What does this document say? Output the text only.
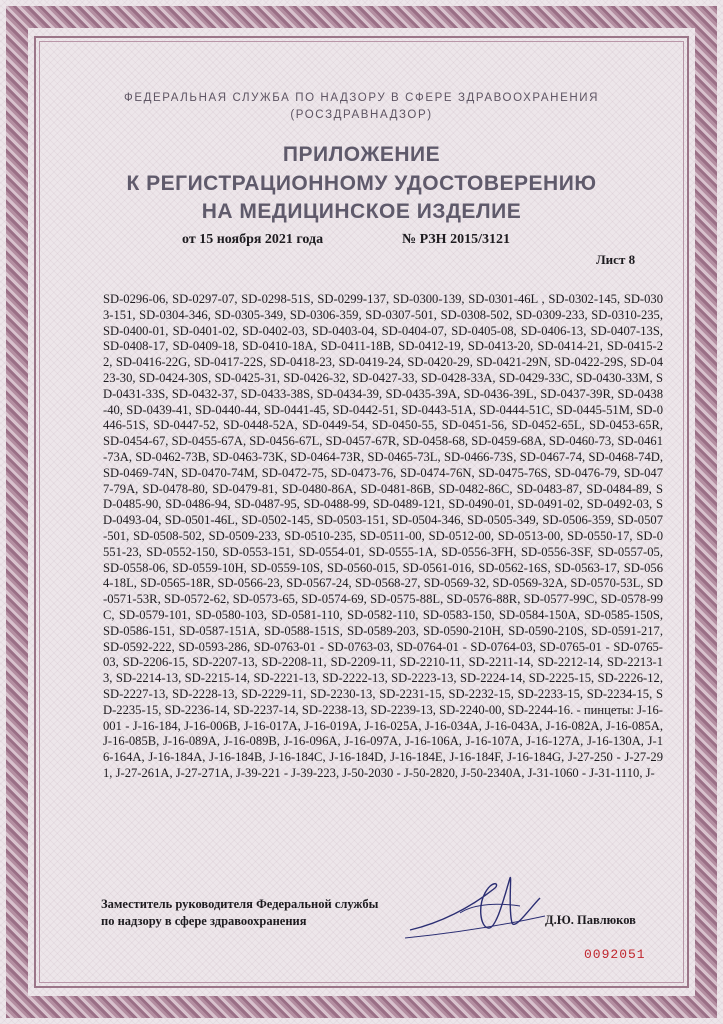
ФЕДЕРАЛЬНАЯ СЛУЖБА ПО НАДЗОРУ В СФЕРЕ ЗДРАВООХРАНЕНИЯ
(РОСЗДРАВНАДЗОР)
ПРИЛОЖЕНИЕ
К РЕГИСТРАЦИОННОМУ УДОСТОВЕРЕНИЮ
НА МЕДИЦИНСКОЕ ИЗДЕЛИЕ
от 15 ноября 2021 года	№ РЗН 2015/3121
Лист 8
SD-0296-06, SD-0297-07, SD-0298-51S, SD-0299-137, SD-0300-139, SD-0301-46L , SD-0302-145, SD-0303-151, SD-0304-346, SD-0305-349, SD-0306-359, SD-0307-501, SD-0308-502, SD-0309-233, SD-0310-235, SD-0400-01, SD-0401-02, SD-0402-03, SD-0403-04, SD-0404-07, SD-0405-08, SD-0406-13, SD-0407-13S, SD-0408-17, SD-0409-18, SD-0410-18A, SD-0411-18B, SD-0412-19, SD-0413-20, SD-0414-21, SD-0415-22, SD-0416-22G, SD-0417-22S, SD-0418-23, SD-0419-24, SD-0420-29, SD-0421-29N, SD-0422-29S, SD-0423-30, SD-0424-30S, SD-0425-31, SD-0426-32, SD-0427-33, SD-0428-33A, SD-0429-33C, SD-0430-33M, SD-0431-33S, SD-0432-37, SD-0433-38S, SD-0434-39, SD-0435-39A, SD-0436-39L, SD-0437-39R, SD-0438-40, SD-0439-41, SD-0440-44, SD-0441-45, SD-0442-51, SD-0443-51A, SD-0444-51C, SD-0445-51M, SD-0446-51S, SD-0447-52, SD-0448-52A, SD-0449-54, SD-0450-55, SD-0451-56, SD-0452-65L, SD-0453-65R, SD-0454-67, SD-0455-67A, SD-0456-67L, SD-0457-67R, SD-0458-68, SD-0459-68A, SD-0460-73, SD-0461-73A, SD-0462-73B, SD-0463-73K, SD-0464-73R, SD-0465-73L, SD-0466-73S, SD-0467-74, SD-0468-74D, SD-0469-74N, SD-0470-74M, SD-0472-75, SD-0473-76, SD-0474-76N, SD-0475-76S, SD-0476-79, SD-0477-79A, SD-0478-80, SD-0479-81, SD-0480-86A, SD-0481-86B, SD-0482-86C, SD-0483-87, SD-0484-89, SD-0485-90, SD-0486-94, SD-0487-95, SD-0488-99, SD-0489-121, SD-0490-01, SD-0491-02, SD-0492-03, SD-0493-04, SD-0501-46L, SD-0502-145, SD-0503-151, SD-0504-346, SD-0505-349, SD-0506-359, SD-0507-501, SD-0508-502, SD-0509-233, SD-0510-235, SD-0511-00, SD-0512-00, SD-0513-00, SD-0550-17, SD-0551-23, SD-0552-150, SD-0553-151, SD-0554-01, SD-0555-1A, SD-0556-3FH, SD-0556-3SF, SD-0557-05, SD-0558-06, SD-0559-10H, SD-0559-10S, SD-0560-015, SD-0561-016, SD-0562-16S, SD-0563-17, SD-0564-18L, SD-0565-18R, SD-0566-23, SD-0567-24, SD-0568-27, SD-0569-32, SD-0569-32A, SD-0570-53L, SD-0571-53R, SD-0572-62, SD-0573-65, SD-0574-69, SD-0575-88L, SD-0576-88R, SD-0577-99C, SD-0578-99C, SD-0579-101, SD-0580-103, SD-0581-110, SD-0582-110, SD-0583-150, SD-0584-150A, SD-0585-150S, SD-0586-151, SD-0587-151A, SD-0588-151S, SD-0589-203, SD-0590-210H, SD-0590-210S, SD-0591-217, SD-0592-222, SD-0593-286, SD-0763-01 - SD-0763-03, SD-0764-01 - SD-0764-03, SD-0765-01 - SD-0765-03, SD-2206-15, SD-2207-13, SD-2208-11, SD-2209-11, SD-2210-11, SD-2211-14, SD-2212-14, SD-2213-13, SD-2214-13, SD-2215-14, SD-2221-13, SD-2222-13, SD-2223-13, SD-2224-14, SD-2225-15, SD-2226-12, SD-2227-13, SD-2228-13, SD-2229-11, SD-2230-13, SD-2231-15, SD-2232-15, SD-2233-15, SD-2234-15, SD-2235-15, SD-2236-14, SD-2237-14, SD-2238-13, SD-2239-13, SD-2240-00, SD-2244-16. - пинцеты: J-16-001 - J-16-184, J-16-006B, J-16-017A, J-16-019A, J-16-025A, J-16-034A, J-16-043A, J-16-082A, J-16-085A, J-16-085B, J-16-089A, J-16-089B, J-16-096A, J-16-097A, J-16-106A, J-16-107A, J-16-127A, J-16-130A, J-16-164A, J-16-184A, J-16-184B, J-16-184C, J-16-184D, J-16-184E, J-16-184F, J-16-184G, J-27-250 - J-27-291, J-27-261A, J-27-271A, J-39-221 - J-39-223, J-50-2030 - J-50-2820, J-50-2340A, J-31-1060 - J-31-1110, J-
Заместитель руководителя Федеральной службы
по надзору в сфере здравоохранения	Д.Ю. Павлюков
0092051
